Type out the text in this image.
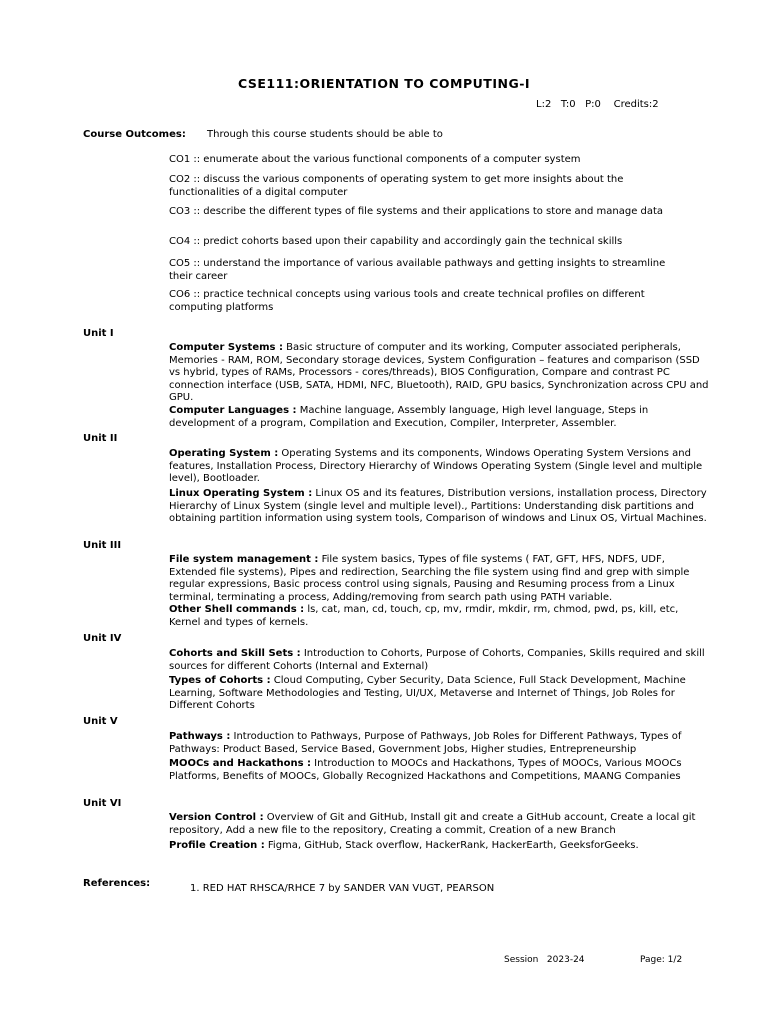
CSE111:ORIENTATION TO COMPUTING-I
L:2   T:0   P:0    Credits:2
Course Outcomes: Through this course students should be able to
CO1 :: enumerate about the various functional components of a computer system
CO2 :: discuss the various components of operating system to get more insights about the functionalities of a digital computer
CO3 :: describe the different types of file systems and their applications to store and manage data
CO4 :: predict cohorts based upon their capability and accordingly gain the technical skills
CO5 :: understand the importance of various available pathways and getting insights to streamline their career
CO6 :: practice technical concepts using various tools and create technical profiles on different computing platforms
Unit I
Computer Systems : Basic structure of computer and its working, Computer associated peripherals, Memories - RAM, ROM, Secondary storage devices, System Configuration – features and comparison (SSD vs hybrid, types of RAMs, Processors - cores/threads), BIOS Configuration, Compare and contrast PC connection interface (USB, SATA, HDMI, NFC, Bluetooth), RAID, GPU basics, Synchronization across CPU and GPU.
Computer Languages : Machine language, Assembly language, High level language, Steps in development of a program, Compilation and Execution, Compiler, Interpreter, Assembler.
Unit II
Operating System : Operating Systems and its components, Windows Operating System Versions and features, Installation Process, Directory Hierarchy of Windows Operating System (Single level and multiple level), Bootloader.
Linux Operating System : Linux OS and its features, Distribution versions, installation process, Directory Hierarchy of Linux System (single level and multiple level)., Partitions: Understanding disk partitions and obtaining partition information using system tools, Comparison of windows and Linux OS, Virtual Machines.
Unit III
File system management : File system basics, Types of file systems ( FAT, GFT, HFS, NDFS, UDF, Extended file systems), Pipes and redirection, Searching the file system using find and grep with simple regular expressions, Basic process control using signals, Pausing and Resuming process from a Linux terminal, terminating a process, Adding/removing from search path using PATH variable.
Other Shell commands : ls, cat, man, cd, touch, cp, mv, rmdir, mkdir, rm, chmod, pwd, ps, kill, etc, Kernel and types of kernels.
Unit IV
Cohorts and Skill Sets : Introduction to Cohorts, Purpose of Cohorts, Companies, Skills required and skill sources for different Cohorts (Internal and External)
Types of Cohorts : Cloud Computing, Cyber Security, Data Science, Full Stack Development, Machine Learning, Software Methodologies and Testing, UI/UX, Metaverse and Internet of Things, Job Roles for Different Cohorts
Unit V
Pathways : Introduction to Pathways, Purpose of Pathways, Job Roles for Different Pathways, Types of Pathways: Product Based, Service Based, Government Jobs, Higher studies, Entrepreneurship
MOOCs and Hackathons : Introduction to MOOCs and Hackathons, Types of MOOCs, Various MOOCs Platforms, Benefits of MOOCs, Globally Recognized Hackathons and Competitions, MAANG Companies
Unit VI
Version Control : Overview of Git and GitHub, Install git and create a GitHub account, Create a local git repository, Add a new file to the repository, Creating a commit, Creation of a new Branch
Profile Creation : Figma, GitHub, Stack overflow, HackerRank, HackerEarth, GeeksforGeeks.
References:	1. RED HAT RHSCA/RHCE 7 by SANDER VAN VUGT, PEARSON
Session   2023-24	Page: 1/2
